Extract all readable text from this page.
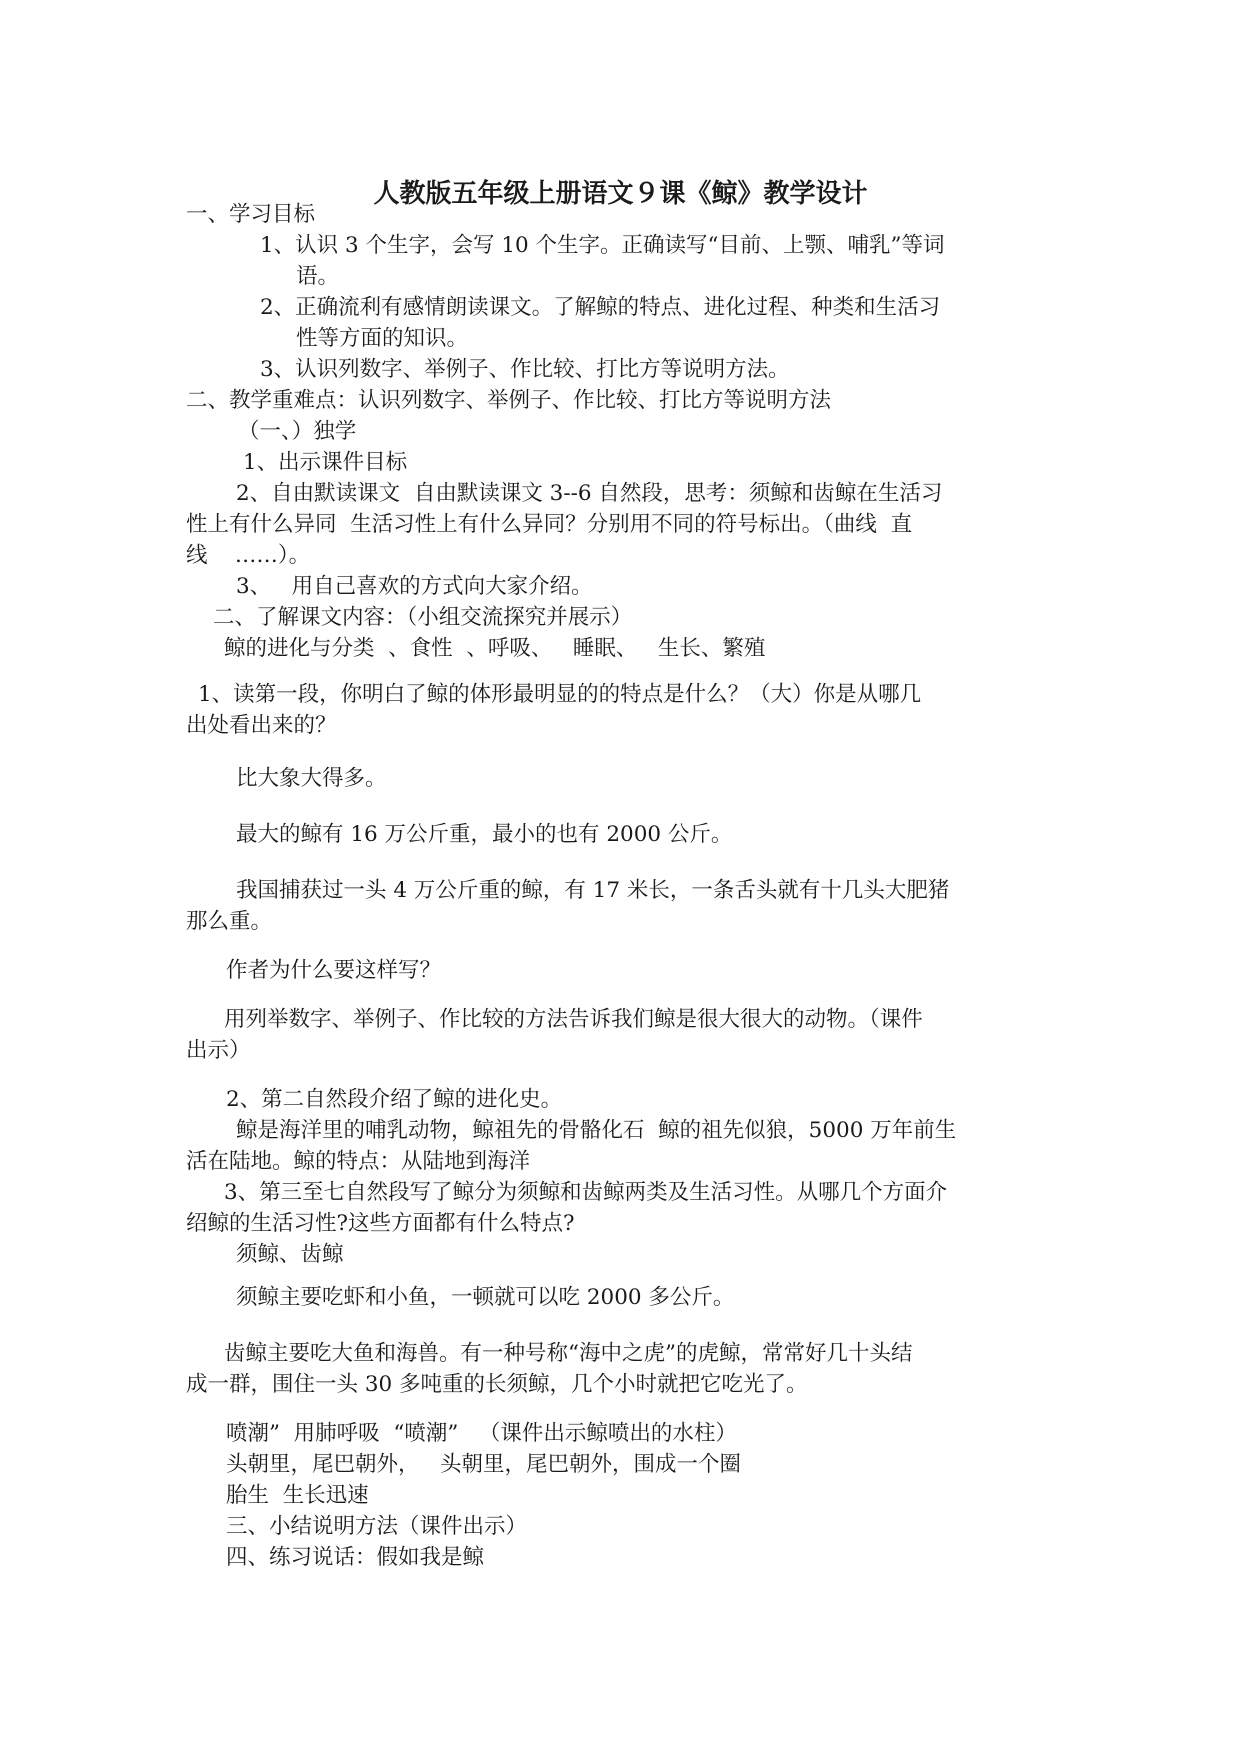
人教版五年级上册语文９课《鲸》教学设计
一、学习目标
1、认识 3 个生字，会写 10 个生字。正确读写“目前、上颚、哺乳”等词
语。
2、正确流利有感情朗读课文。了解鲸的特点、进化过程、种类和生活习
性等方面的知识。
3、认识列数字、举例子、作比较、打比方等说明方法。
二、教学重难点：认识列数字、举例子、作比较、打比方等说明方法
（一、）独学
1、出示课件目标
2、自由默读课文  自由默读课文 3--6 自然段，思考：须鲸和齿鲸在生活习
性上有什么异同  生活习性上有什么异同？分别用不同的符号标出。（曲线  直
线    ……）。
3、   用自己喜欢的方式向大家介绍。
二、了解课文内容：（小组交流探究并展示）
鲸的进化与分类  、食性  、呼吸、   睡眠、   生长、繁殖
1、读第一段，你明白了鲸的体形最明显的的特点是什么？（大）你是从哪几
出处看出来的？
比大象大得多。
最大的鲸有 16 万公斤重，最小的也有 2000 公斤。
我国捕获过一头 4 万公斤重的鲸，有 17 米长，一条舌头就有十几头大肥猪
那么重。
作者为什么要这样写？
用列举数字、举例子、作比较的方法告诉我们鲸是很大很大的动物。（课件
出示）
2、第二自然段介绍了鲸的进化史。
鲸是海洋里的哺乳动物，鲸祖先的骨骼化石  鲸的祖先似狼，5000 万年前生
活在陆地。鲸的特点：从陆地到海洋
3、第三至七自然段写了鲸分为须鲸和齿鲸两类及生活习性。从哪几个方面介
绍鲸的生活习性?这些方面都有什么特点?
须鲸、齿鲸
须鲸主要吃虾和小鱼，一顿就可以吃 2000 多公斤。
齿鲸主要吃大鱼和海兽。有一种号称“海中之虎”的虎鲸，常常好几十头结
成一群，围住一头 30 多吨重的长须鲸，几个小时就把它吃光了。
喷潮”  用肺呼吸  “喷潮”   （课件出示鲸喷出的水柱）
头朝里，尾巴朝外，   头朝里，尾巴朝外，围成一个圈
胎生  生长迅速
三、小结说明方法（课件出示）
四、练习说话：假如我是鲸
